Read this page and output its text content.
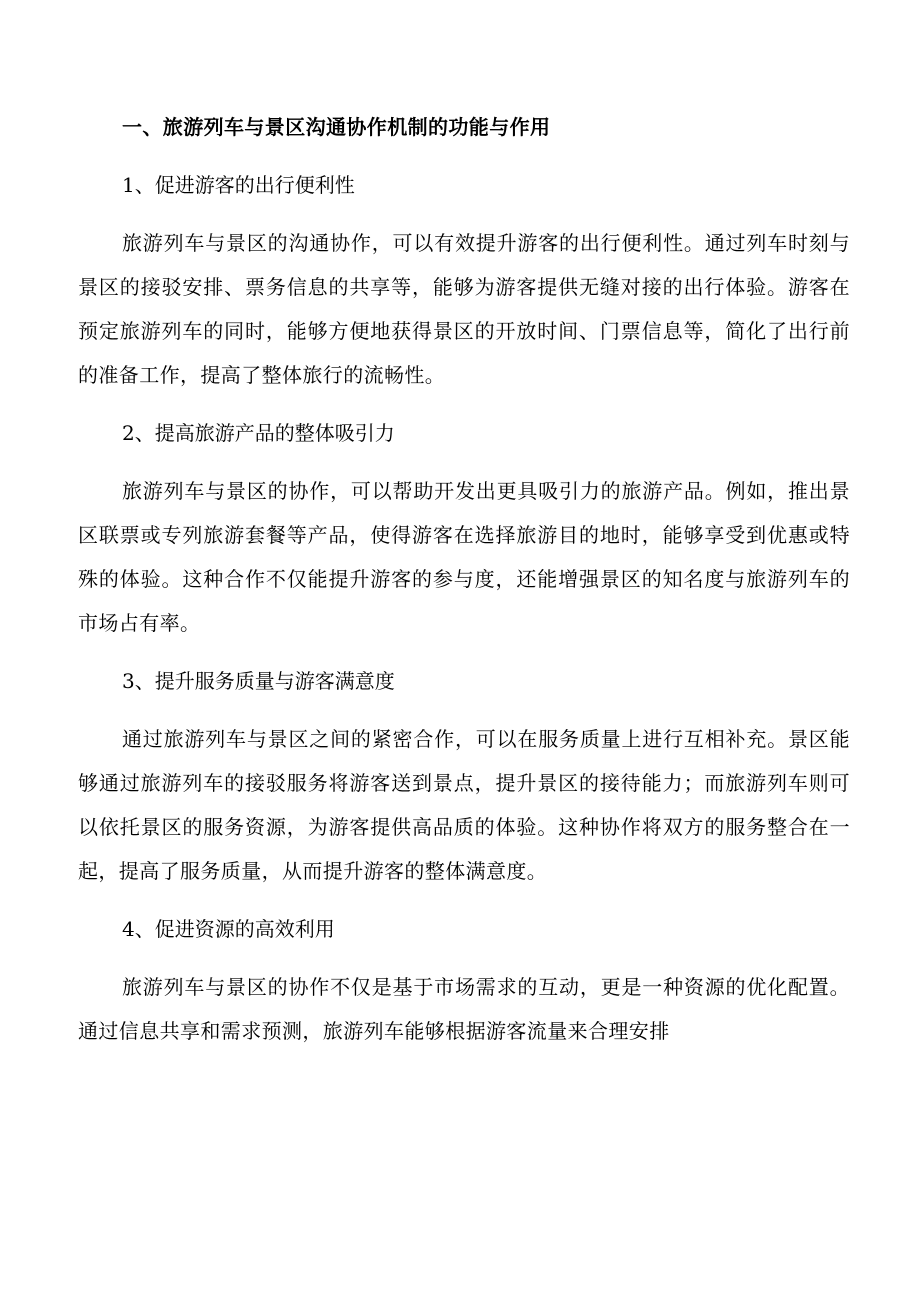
一、旅游列车与景区沟通协作机制的功能与作用
1、促进游客的出行便利性

旅游列车与景区的沟通协作，可以有效提升游客的出行便利性。通过列车时刻与景区的接驳安排、票务信息的共享等，能够为游客提供无缝对接的出行体验。游客在预定旅游列车的同时，能够方便地获得景区的开放时间、门票信息等，简化了出行前的准备工作，提高了整体旅行的流畅性。

2、提高旅游产品的整体吸引力

旅游列车与景区的协作，可以帮助开发出更具吸引力的旅游产品。例如，推出景区联票或专列旅游套餐等产品，使得游客在选择旅游目的地时，能够享受到优惠或特殊的体验。这种合作不仅能提升游客的参与度，还能增强景区的知名度与旅游列车的市场占有率。

3、提升服务质量与游客满意度

通过旅游列车与景区之间的紧密合作，可以在服务质量上进行互相补充。景区能够通过旅游列车的接驳服务将游客送到景点，提升景区的接待能力；而旅游列车则可以依托景区的服务资源，为游客提供高品质的体验。这种协作将双方的服务整合在一起，提高了服务质量，从而提升游客的整体满意度。

4、促进资源的高效利用

旅游列车与景区的协作不仅是基于市场需求的互动，更是一种资源的优化配置。通过信息共享和需求预测，旅游列车能够根据游客流量来合理安排
